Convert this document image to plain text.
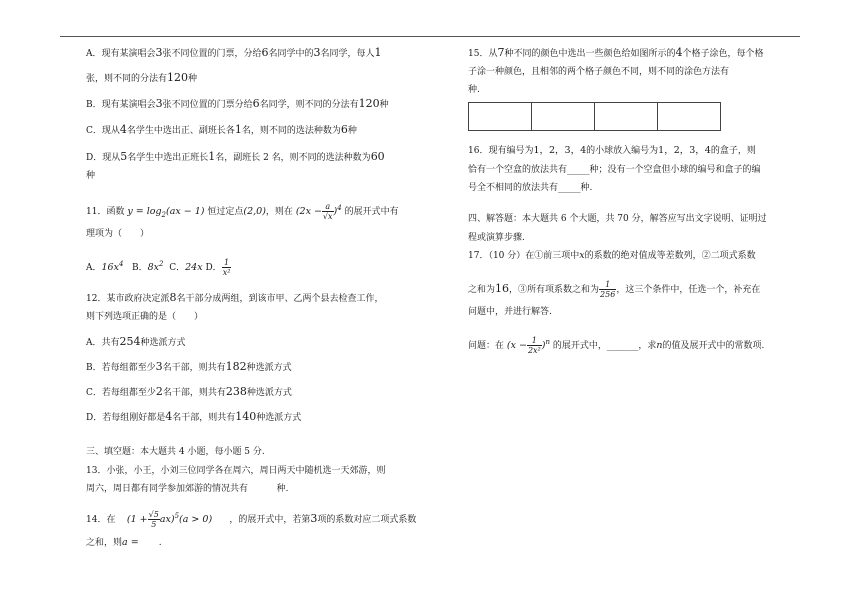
A．现有某演唱会3张不同位置的门票，分给6名同学中的3名同学，每人1
张，则不同的分法有120种
B．现有某演唱会3张不同位置的门票分给6名同学，则不同的分法有120种
C．现从4名学生中选出正、副班长各1名，则不同的选法种数为6种
D．现从5名学生中选出正班长1名，副班长 2 名，则不同的选法种数为60
种
11．函数 $y = \log_2(ax - 1)$ 恒过定点(2,0)，则在 $(2x - \frac{a}{√x} )^4$ 的展开式中有
理项为（　　）
A．$16x^4$ B．$8x^2$ C．24x D． $\frac{1}{\text{x²}}$
12．某市政府决定派8名干部分成两组，到该市甲、乙两个县去检查工作，
则下列选项正确的是（　　）
A．共有254种选派方式
B．若每组都至少3名干部，则共有182种选派方式
C．若每组都至少2名干部，则共有238种选派方式
D．若每组刚好都是4名干部，则共有140种选派方式
三、填空题：本大题共 4 小题，每小题 5 分.
13．小张，小王，小刘三位同学各在周六，周日两天中随机选一天郊游，则
周六，周日都有同学参加郊游的情况共有	种.
14．在 $(1 + \frac{√5}{5} ax)^5(a > 0)$ ，的展开式中，若第3项的系数对应二项式系数
之和，则a = .
15．从7种不同的颜色中选出一些颜色给如图所示的4个格子涂色，每个格
子涂一种颜色，且相邻的两个格子颜色不同，则不同的涂色方法有
种.
16．现有编号为1，2，3，4的小球放入编号为1，2，3，4的盒子，则
恰有一个空盒的放法共有_____种；没有一个空盒但小球的编号和盒子的编
号全不相同的放法共有_____种.
四、解答题：本大题共 6 个大题，共 70 分，解答应写出文字说明、证明过
程或演算步骤.
17．（10 分）在①前三项中x的系数的绝对值成等差数列，②二项式系数
之和为16，③所有项系数之和为 $\frac{1}{256}$ ，这三个条件中，任选一个，补充在
问题中，并进行解答.
问题：在 $(x - \frac{1}{\text{2x²}} )^n$ 的展开式中，_______，求n的值及展开式中的常数项.
